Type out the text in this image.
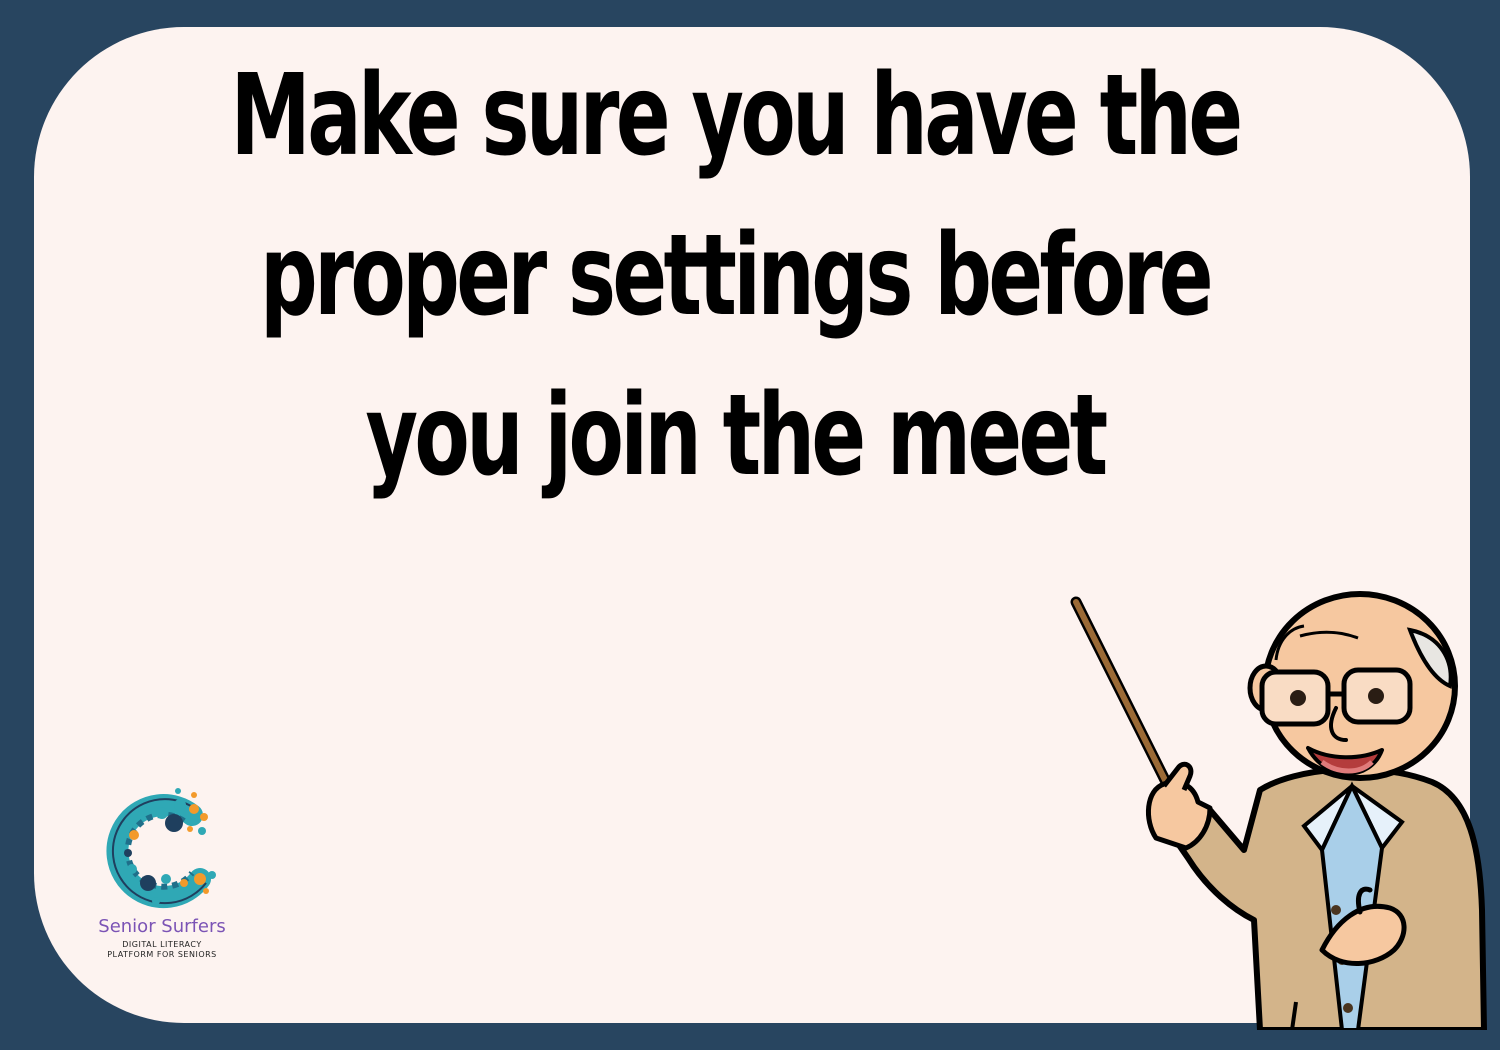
Make sure you have the
proper settings before
you join the meet
Senior Surfers
DIGITAL LITERACY
PLATFORM FOR SENIORS
